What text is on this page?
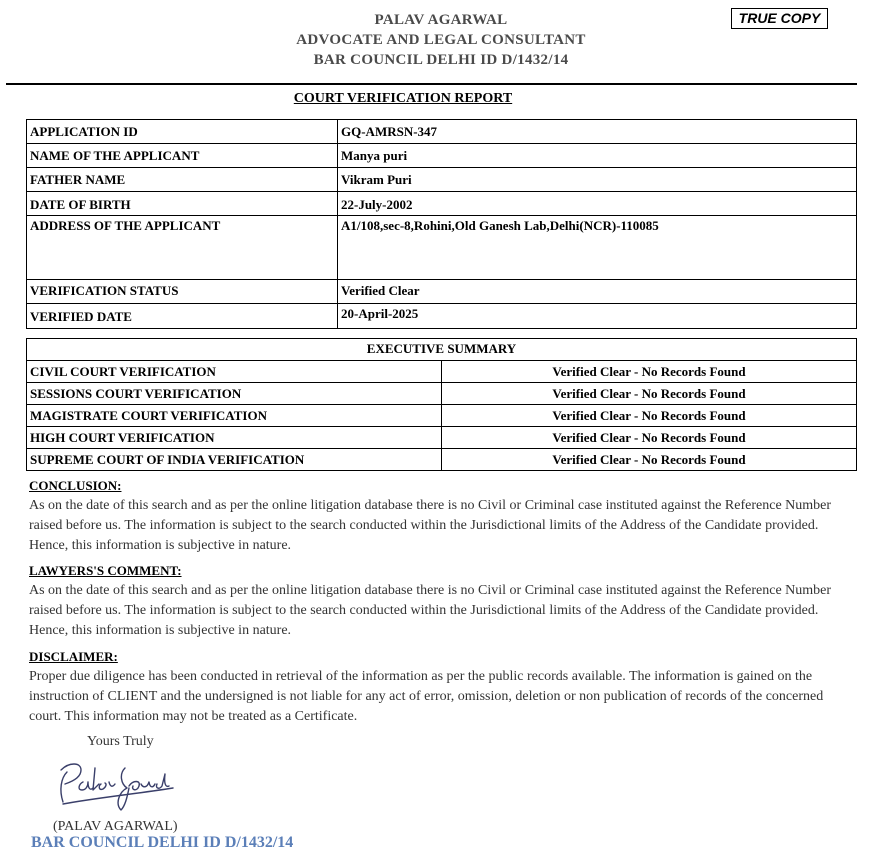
PALAV AGARWAL
ADVOCATE AND LEGAL CONSULTANT
BAR COUNCIL DELHI ID D/1432/14
TRUE COPY
COURT VERIFICATION REPORT
APPLICATION ID	GQ-AMRSN-347
NAME OF THE APPLICANT	Manya puri
FATHER NAME	Vikram Puri
DATE OF BIRTH	22-July-2002
ADDRESS OF THE APPLICANT	A1/108,sec-8,Rohini,Old Ganesh Lab,Delhi(NCR)-110085
VERIFICATION STATUS	Verified Clear
VERIFIED DATE	20-April-2025
EXECUTIVE SUMMARY	
CIVIL COURT VERIFICATION	Verified Clear - No Records Found
SESSIONS COURT VERIFICATION	Verified Clear - No Records Found
MAGISTRATE COURT VERIFICATION	Verified Clear - No Records Found
HIGH COURT VERIFICATION	Verified Clear - No Records Found
SUPREME COURT OF INDIA VERIFICATION	Verified Clear - No Records Found
CONCLUSION:
As on the date of this search and as per the online litigation database there is no Civil or Criminal case instituted against the Reference Number raised before us. The information is subject to the search conducted within the Jurisdictional limits of the Address of the Candidate provided. Hence, this information is subjective in nature.
LAWYERS'S COMMENT:
As on the date of this search and as per the online litigation database there is no Civil or Criminal case instituted against the Reference Number raised before us. The information is subject to the search conducted within the Jurisdictional limits of the Address of the Candidate provided. Hence, this information is subjective in nature.
DISCLAIMER:
Proper due diligence has been conducted in retrieval of the information as per the public records available. The information is gained on the instruction of CLIENT and the undersigned is not liable for any act of error, omission, deletion or non publication of records of the concerned court. This information may not be treated as a Certificate.
Yours Truly
(PALAV AGARWAL)
BAR COUNCIL DELHI ID D/1432/14
